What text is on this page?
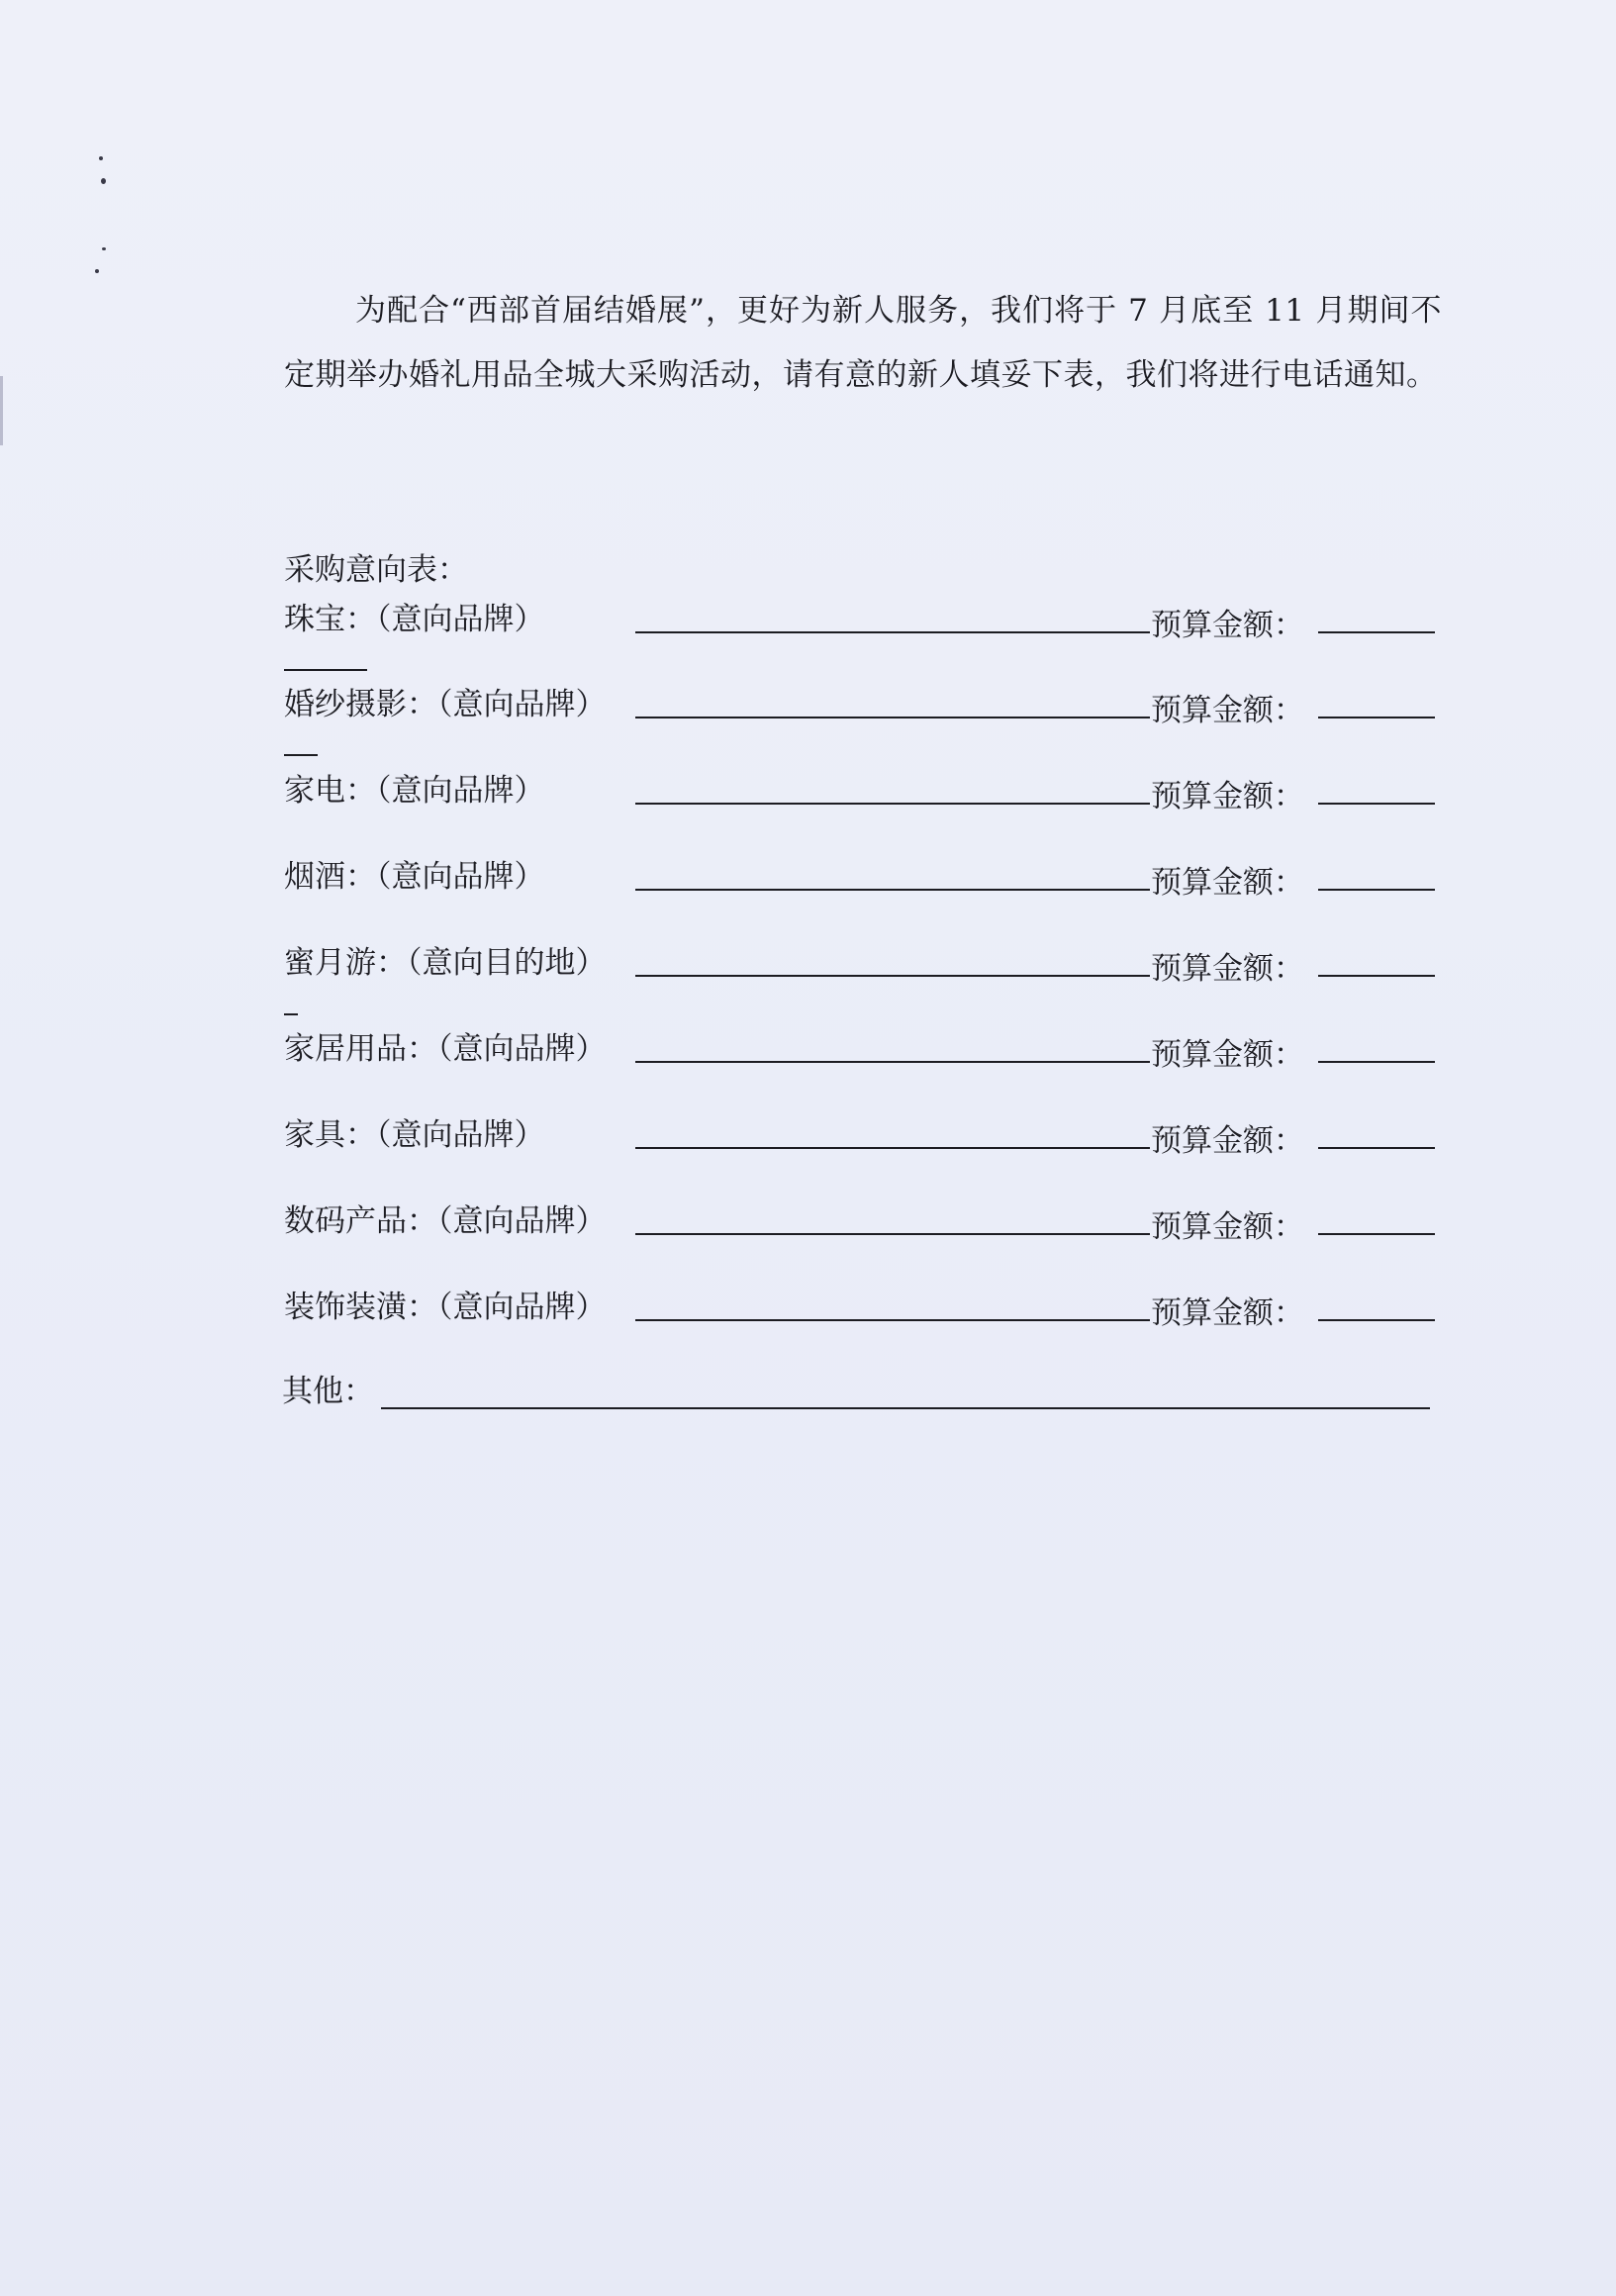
为配合“西部首届结婚展”，更好为新人服务，我们将于 7 月底至 11 月期间不定期举办婚礼用品全城大采购活动，请有意的新人填妥下表，我们将进行电话通知。

采购意向表：
珠宝：（意向品牌）	预算金额：
婚纱摄影：（意向品牌）	预算金额：
家电：（意向品牌）	预算金额：
烟酒：（意向品牌）	预算金额：
蜜月游：（意向目的地）	预算金额：
家居用品：（意向品牌）	预算金额：
家具：（意向品牌）	预算金额：
数码产品：（意向品牌）	预算金额：
装饰装潢：（意向品牌）	预算金额：
其他：
